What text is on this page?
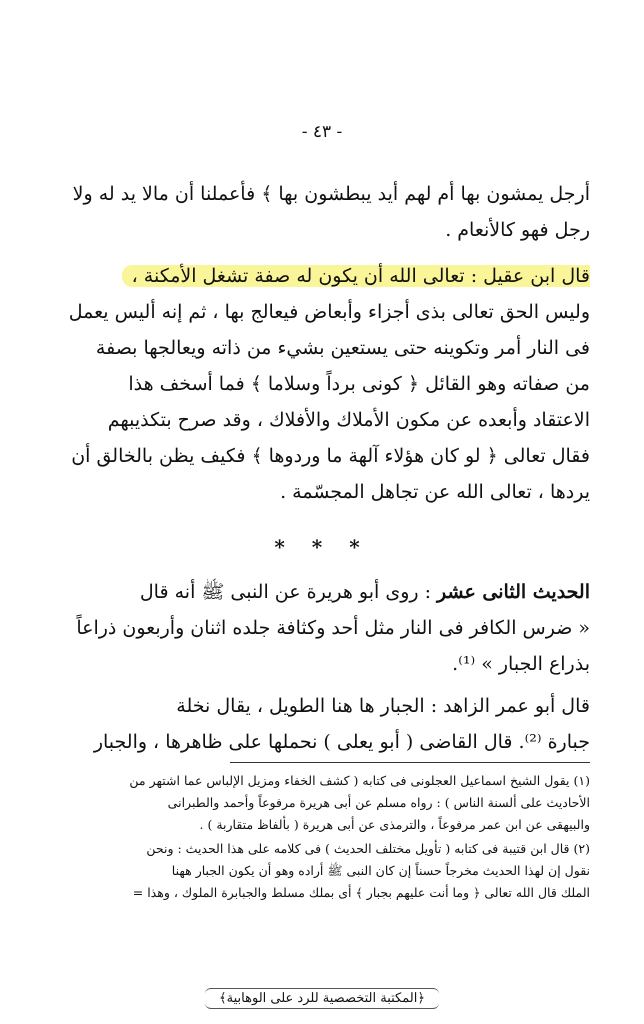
- ٤٣ -
أرجل يمشون بها أم لهم أيد يبطشون بها ﴾ فأعملنا أن مالا يد له ولا
رجل فهو كالأنعام .
قال ابن عقيل : تعالى الله أن يكون له صفة تشغل الأمكنة ،
وليس الحق تعالى بذى أجزاء وأبعاض فيعالج بها ، ثم إنه أليس يعمل
فى النار أمر وتكوينه حتى يستعين بشيء من ذاته ويعالجها بصفة
من صفاته وهو القائل ﴿ كونى برداً وسلاما ﴾ فما أسخف هذا
الاعتقاد وأبعده عن مكون الأملاك والأفلاك ، وقد صرح بتكذيبهم
فقال تعالى ﴿ لو كان هؤلاء آلهة ما وردوها ﴾ فكيف يظن بالخالق أن
يردها ، تعالى الله عن تجاهل المجسّمة .
* * *
الحديث الثانى عشر : روى أبو هريرة عن النبى ﷺ أنه قال
« ضرس الكافر فى النار مثل أحد وكثافة جلده اثنان وأربعون ذراعاً
بذراع الجبار » ⁽¹⁾.
قال أبو عمر الزاهد : الجبار ها هنا الطويل ، يقال نخلة
جبارة ⁽²⁾. قال القاضى ( أبو يعلى ) نحملها على ظاهرها ، والجبار
(١) يقول الشيخ اسماعيل العجلونى فى كتابه ( كشف الخفاء ومزيل الإلباس عما اشتهر من
الأحاديث على ألسنة الناس ) : رواه مسلم عن أبى هريرة مرفوعاً وأحمد والطبرانى
والبيهقى عن ابن عمر مرفوعاً ، والترمذى عن أبى هريرة ( بألفاظ متقاربة ) .
(٢) قال ابن قتيبة فى كتابه ( تأويل مختلف الحديث ) فى كلامه على هذا الحديث : ونحن
نقول إن لهذا الحديث مخرجاً حسناً إن كان النبى ﷺ أراده وهو أن يكون الجبار ههنا
الملك قال الله تعالى ﴿ وما أنت عليهم بجبار ﴾ أى بملك مسلط والجبابرة الملوك ، وهذا =
﴿المكتبة التخصصية للرد على الوهابية﴾
